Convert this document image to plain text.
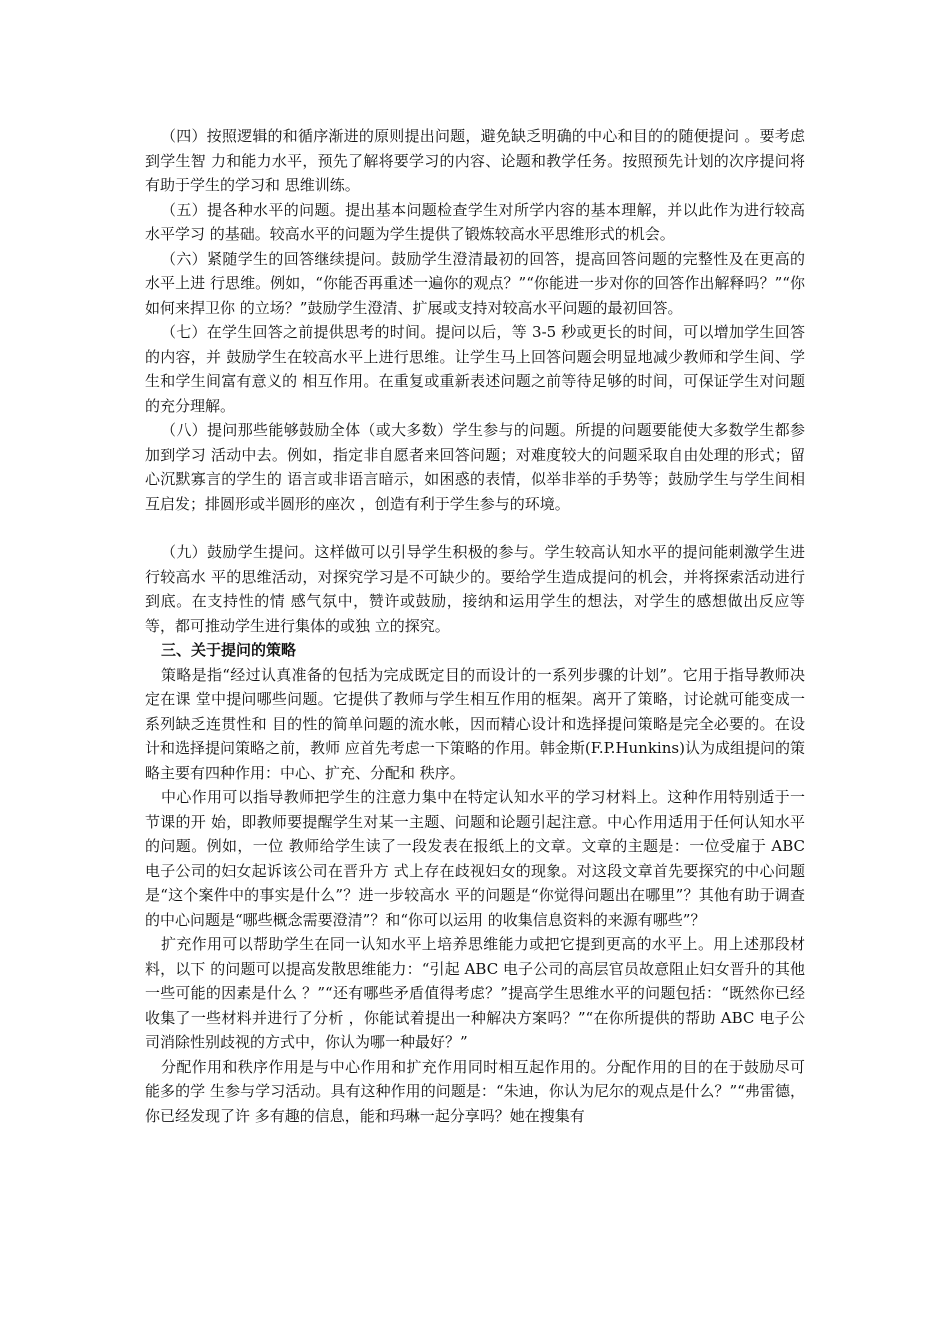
（四）按照逻辑的和循序渐进的原则提出问题，避免缺乏明确的中心和目的的随便提问 。要考虑到学生智 力和能力水平，预先了解将要学习的内容、论题和教学任务。按照预先计划的次序提问将有助于学生的学习和 思维训练。

（五）提各种水平的问题。提出基本问题检查学生对所学内容的基本理解，并以此作为进行较高水平学习 的基础。较高水平的问题为学生提供了锻炼较高水平思维形式的机会。

（六）紧随学生的回答继续提问。鼓励学生澄清最初的回答，提高回答问题的完整性及在更高的水平上进 行思维。例如，“你能否再重述一遍你的观点？”“你能进一步对你的回答作出解释吗？”“你如何来捍卫你 的立场？”鼓励学生澄清、扩展或支持对较高水平问题的最初回答。

（七）在学生回答之前提供思考的时间。提问以后，等 3-5 秒或更长的时间，可以增加学生回答的内容，并 鼓励学生在较高水平上进行思维。让学生马上回答问题会明显地减少教师和学生间、学生和学生间富有意义的 相互作用。在重复或重新表述问题之前等待足够的时间，可保证学生对问题的充分理解。

（八）提问那些能够鼓励全体（或大多数）学生参与的问题。所提的问题要能使大多数学生都参加到学习 活动中去。例如，指定非自愿者来回答问题；对难度较大的问题采取自由处理的形式；留心沉默寡言的学生的 语言或非语言暗示，如困惑的表情，似举非举的手势等；鼓励学生与学生间相互启发；排圆形或半圆形的座次 ，创造有利于学生参与的环境。

（九）鼓励学生提问。这样做可以引导学生积极的参与。学生较高认知水平的提问能刺激学生进行较高水 平的思维活动，对探究学习是不可缺少的。要给学生造成提问的机会，并将探索活动进行到底。在支持性的情 感气氛中，赞许或鼓励，接纳和运用学生的想法，对学生的感想做出反应等等，都可推动学生进行集体的或独 立的探究。

三、关于提问的策略

策略是指“经过认真准备的包括为完成既定目的而设计的一系列步骤的计划”。它用于指导教师决定在课 堂中提问哪些问题。它提供了教师与学生相互作用的框架。离开了策略，讨论就可能变成一系列缺乏连贯性和 目的性的简单问题的流水帐，因而精心设计和选择提问策略是完全必要的。在设计和选择提问策略之前，教师 应首先考虑一下策略的作用。韩金斯(F.P.Hunkins)认为成组提问的策略主要有四种作用：中心、扩充、分配和 秩序。

中心作用可以指导教师把学生的注意力集中在特定认知水平的学习材料上。这种作用特别适于一节课的开 始，即教师要提醒学生对某一主题、问题和论题引起注意。中心作用适用于任何认知水平的问题。例如，一位 教师给学生读了一段发表在报纸上的文章。文章的主题是：一位受雇于 ABC 电子公司的妇女起诉该公司在晋升方 式上存在歧视妇女的现象。对这段文章首先要探究的中心问题是“这个案件中的事实是什么”？进一步较高水 平的问题是“你觉得问题出在哪里”？其他有助于调查的中心问题是“哪些概念需要澄清”？和“你可以运用 的收集信息资料的来源有哪些”？

扩充作用可以帮助学生在同一认知水平上培养思维能力或把它提到更高的水平上。用上述那段材料，以下 的问题可以提高发散思维能力：“引起 ABC 电子公司的高层官员故意阻止妇女晋升的其他一些可能的因素是什么 ？”“还有哪些矛盾值得考虑？”提高学生思维水平的问题包括：“既然你已经收集了一些材料并进行了分析 ，你能试着提出一种解决方案吗？”“在你所提供的帮助 ABC 电子公司消除性别歧视的方式中，你认为哪一种最好？”

分配作用和秩序作用是与中心作用和扩充作用同时相互起作用的。分配作用的目的在于鼓励尽可能多的学 生参与学习活动。具有这种作用的问题是：“朱迪，你认为尼尔的观点是什么？”“弗雷德，你已经发现了许 多有趣的信息，能和玛琳一起分享吗？她在搜集有
